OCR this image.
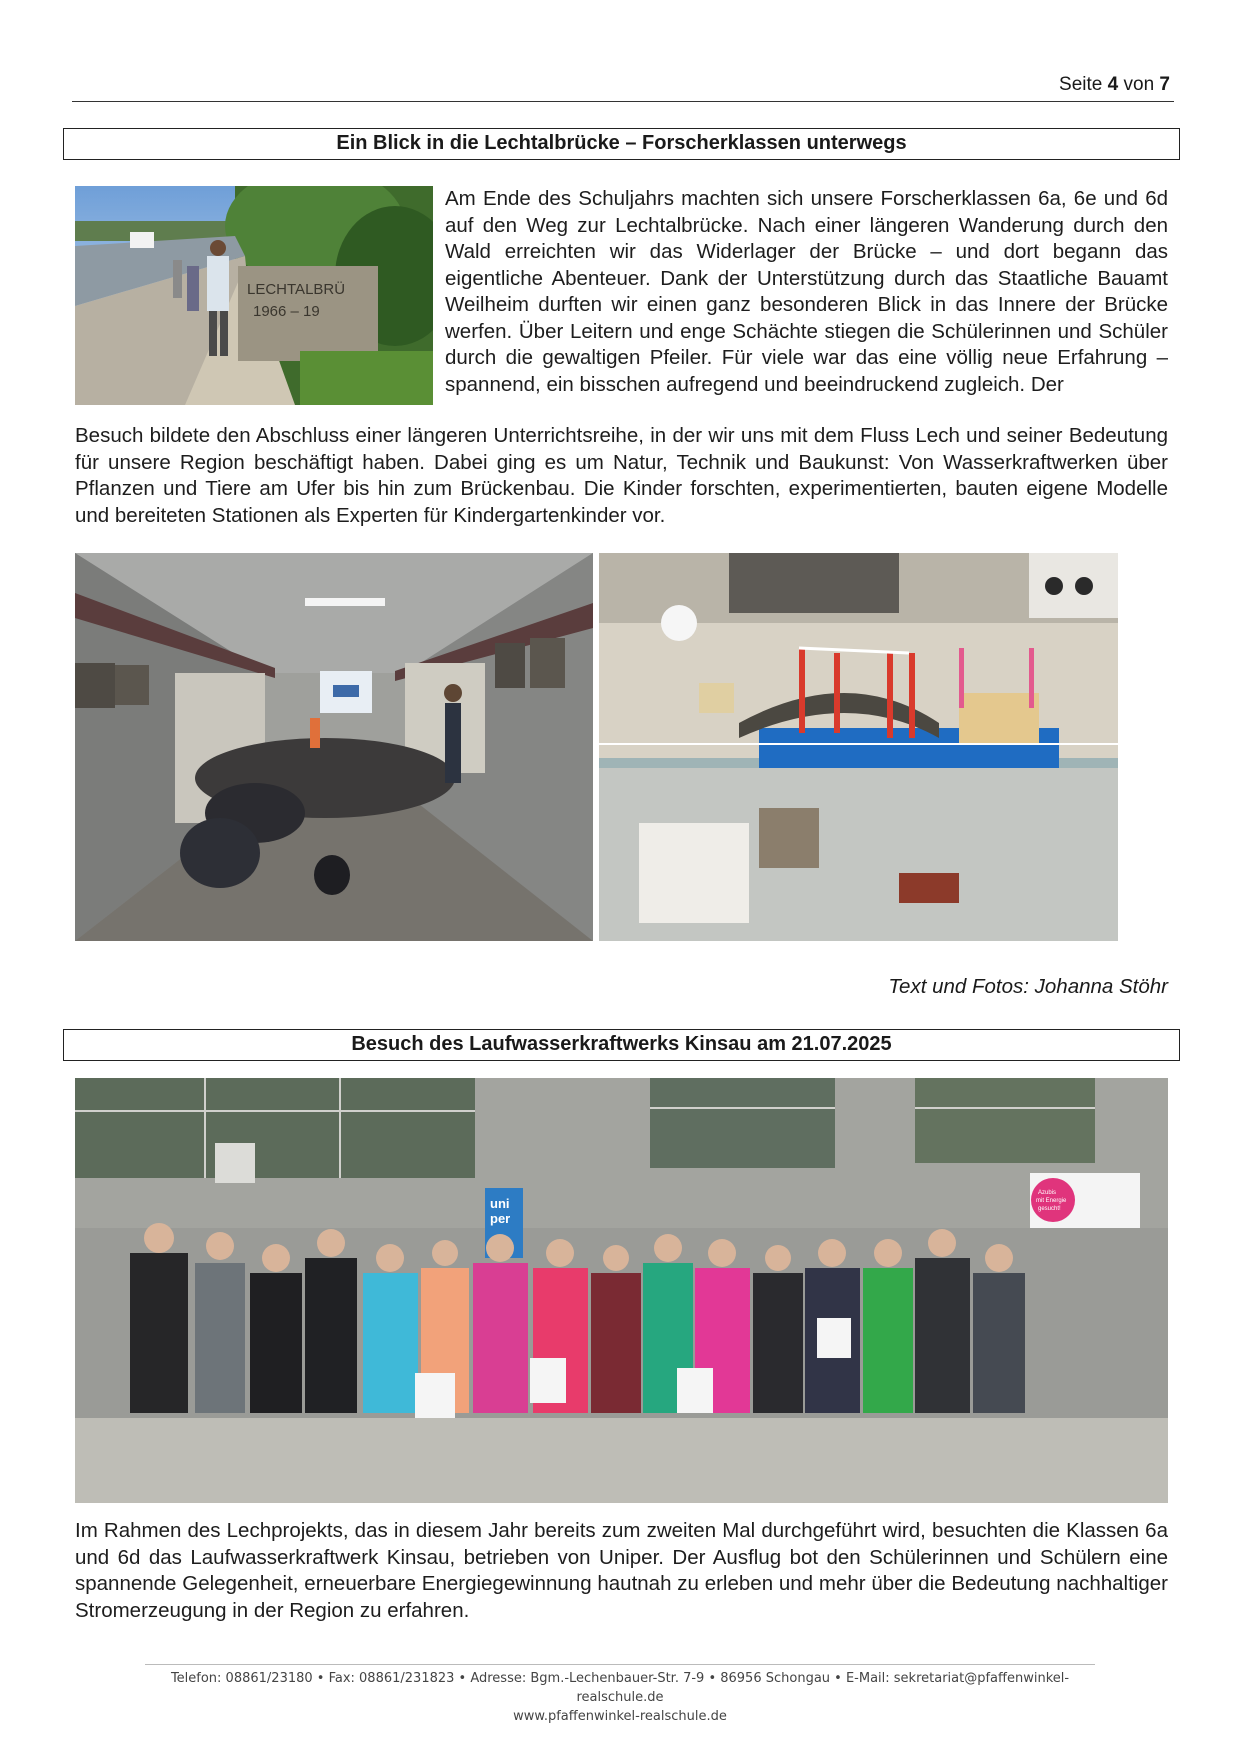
Seite 4 von 7
Ein Blick in die Lechtalbrücke – Forscherklassen unterwegs
LECHTALBRÜ
1966 – 19
Am Ende des Schuljahrs machten sich unsere Forscherklassen 6a, 6e und 6d auf den Weg zur Lechtalbrücke. Nach einer längeren Wanderung durch den Wald erreichten wir das Widerlager der Brücke – und dort begann das eigentliche Abenteuer. Dank der Unterstützung durch das Staatliche Bauamt Weilheim durften wir einen ganz besonderen Blick in das Innere der Brücke werfen. Über Leitern und enge Schächte stiegen die Schülerinnen und Schüler durch die gewaltigen Pfeiler. Für viele war das eine völlig neue Erfahrung – spannend, ein bisschen aufregend und beeindruckend zugleich. Der
Besuch bildete den Abschluss einer längeren Unterrichtsreihe, in der wir uns mit dem Fluss Lech und seiner Bedeutung für unsere Region beschäftigt haben. Dabei ging es um Natur, Technik und Baukunst: Von Wasserkraftwerken über Pflanzen und Tiere am Ufer bis hin zum Brückenbau. Die Kinder forschten, experimentierten, bauten eigene Modelle und bereiteten Stationen als Experten für Kindergartenkinder vor.
Text und Fotos: Johanna Stöhr
Besuch des Laufwasserkraftwerks Kinsau am 21.07.2025
uni
per
Azubis
mit Energie
gesucht!
Im Rahmen des Lechprojekts, das in diesem Jahr bereits zum zweiten Mal durchgeführt wird, besuchten die Klassen 6a und 6d das Laufwasserkraftwerk Kinsau, betrieben von Uniper. Der Ausflug bot den Schülerinnen und Schülern eine spannende Gelegenheit, erneuerbare Energiegewinnung hautnah zu erleben und mehr über die Bedeutung nachhaltiger Stromerzeugung in der Region zu erfahren.
Telefon: 08861/23180 • Fax: 08861/231823 • Adresse: Bgm.-Lechenbauer-Str. 7-9 • 86956 Schongau • E-Mail: sekretariat@pfaffenwinkel-realschule.de
www.pfaffenwinkel-realschule.de
